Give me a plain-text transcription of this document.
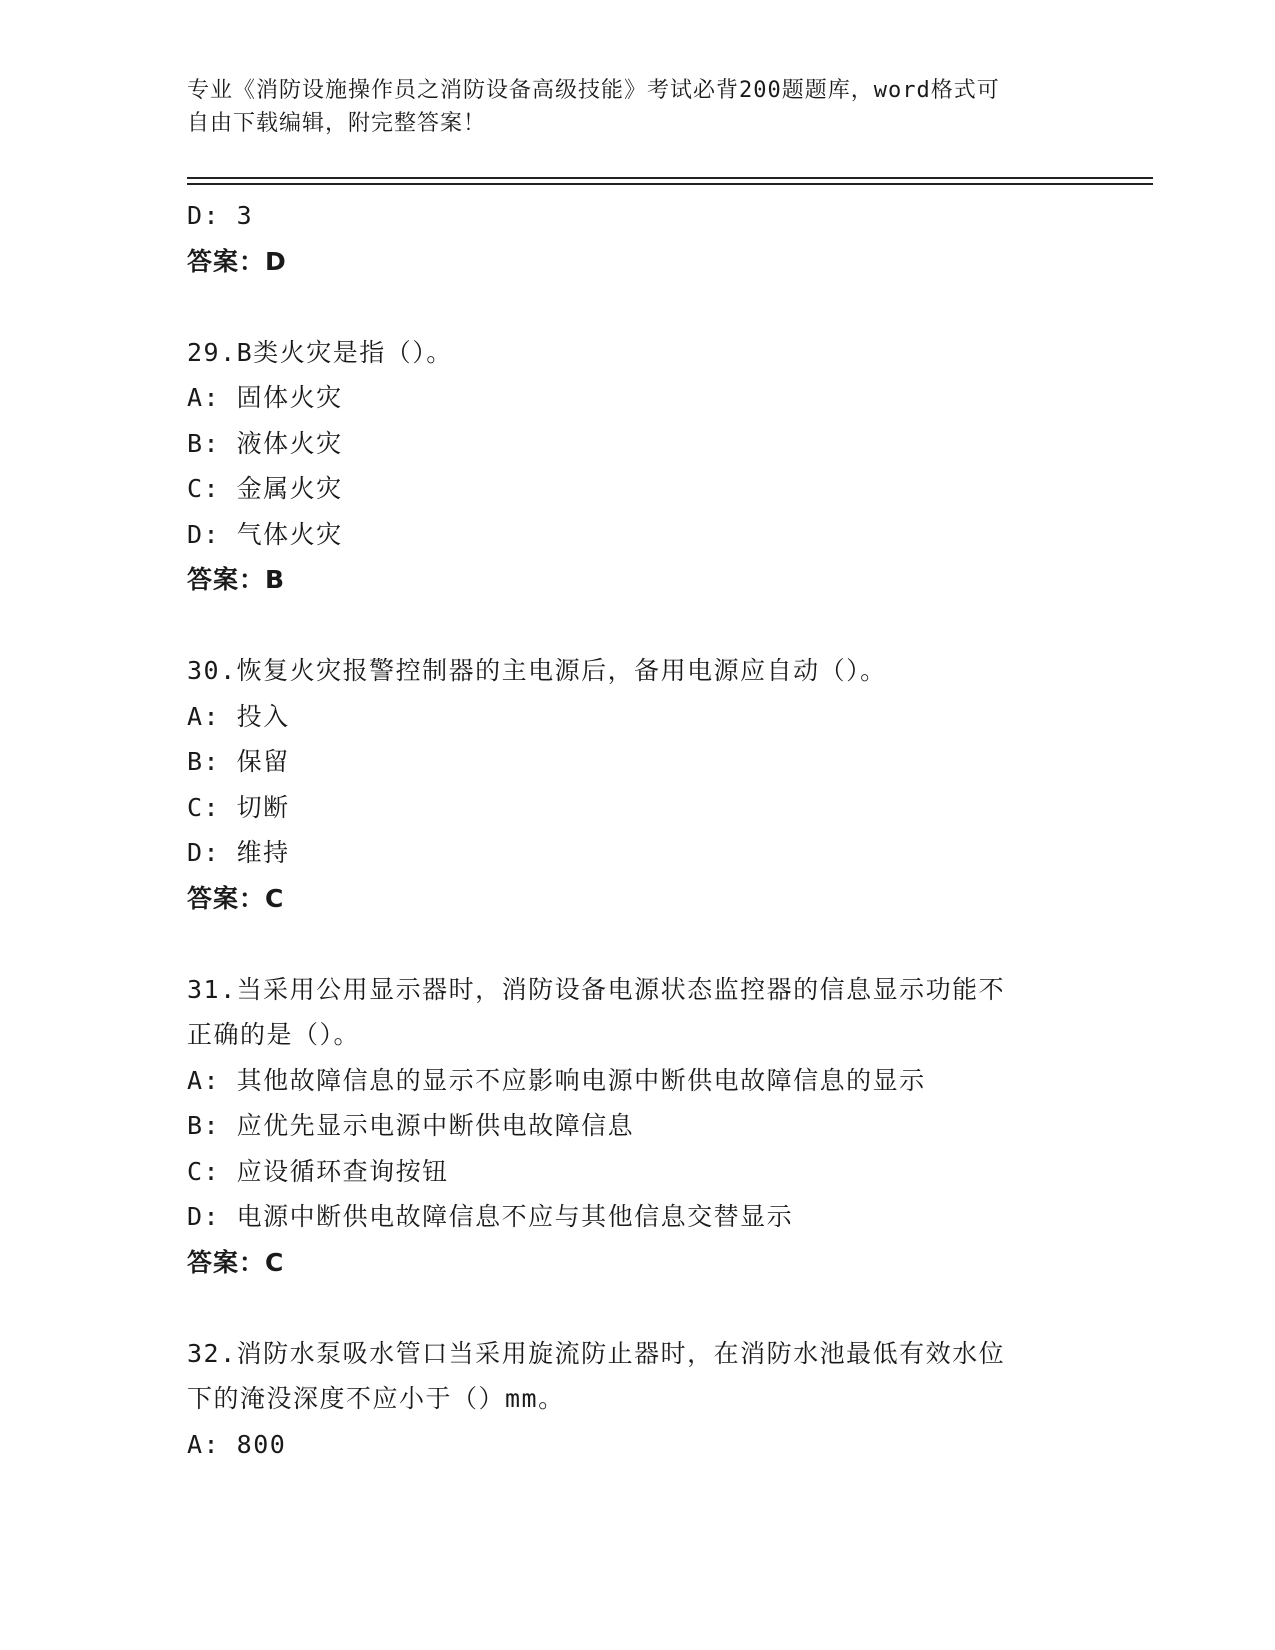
专业《消防设施操作员之消防设备高级技能》考试必背200题题库，word格式可
自由下载编辑，附完整答案！
D: 3
答案：D
29.B类火灾是指（）。
A: 固体火灾
B: 液体火灾
C: 金属火灾
D: 气体火灾
答案：B
30.恢复火灾报警控制器的主电源后，备用电源应自动（）。
A: 投入
B: 保留
C: 切断
D: 维持
答案：C
31.当采用公用显示器时，消防设备电源状态监控器的信息显示功能不
正确的是（）。
A: 其他故障信息的显示不应影响电源中断供电故障信息的显示
B: 应优先显示电源中断供电故障信息
C: 应设循环查询按钮
D: 电源中断供电故障信息不应与其他信息交替显示
答案：C
32.消防水泵吸水管口当采用旋流防止器时，在消防水池最低有效水位
下的淹没深度不应小于（）mm。
A: 800
